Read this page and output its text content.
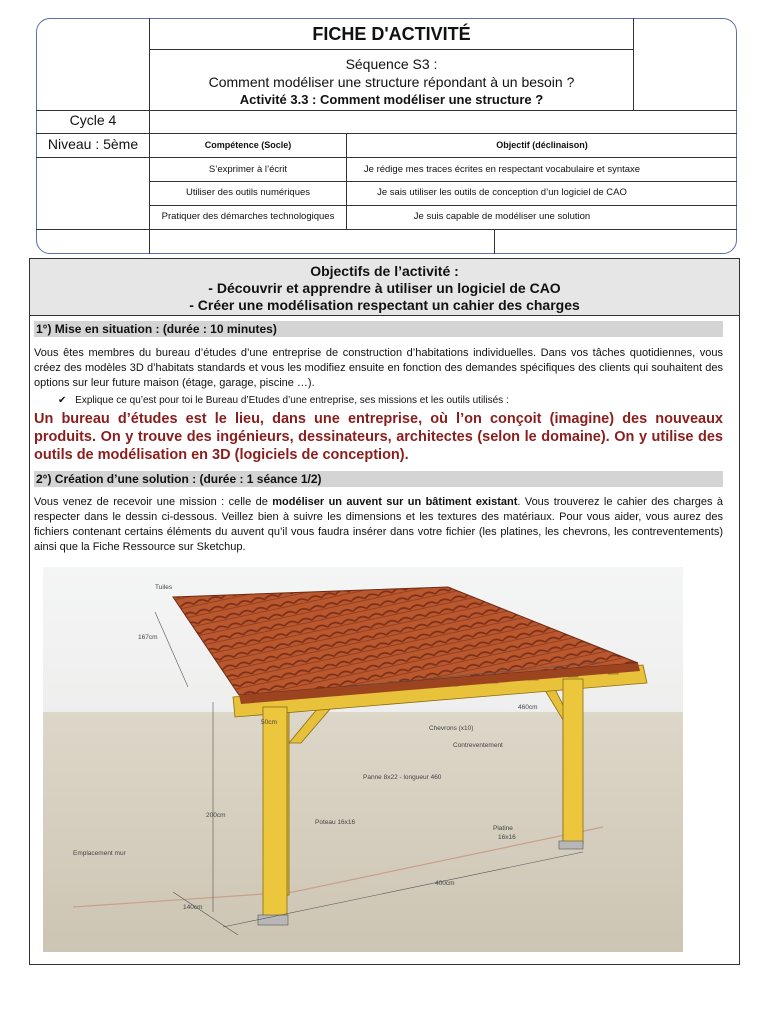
FICHE D'ACTIVITÉ
Séquence S3 :
Comment modéliser une structure répondant à un besoin ?
Activité 3.3 : Comment modéliser une structure ?
Cycle 4
Niveau : 5ème	Compétence (Socle)	Objectif (déclinaison)
S’exprimer à l’écrit	Je rédige mes traces écrites en respectant vocabulaire et syntaxe
Utiliser des outils numériques	Je sais utiliser les outils de conception d’un logiciel de CAO
Pratiquer des démarches technologiques	Je suis capable de modéliser une solution
Objectifs de l’activité :
- Découvrir et apprendre à utiliser un logiciel de CAO
- Créer une modélisation respectant un cahier des charges
1°) Mise en situation : (durée : 10 minutes)
Vous êtes membres du bureau d’études d’une entreprise de construction d’habitations individuelles. Dans vos tâches quotidiennes, vous créez des modèles 3D d’habitats standards et vous les modifiez ensuite en fonction des demandes spécifiques des clients qui souhaitent des options sur leur future maison (étage, garage, piscine …).
✔ Explique ce qu’est pour toi le Bureau d’Etudes d’une entreprise, ses missions et les outils utilisés :
Un bureau d’études est le lieu, dans une entreprise, où l’on conçoit (imagine) des nouveaux produits. On y trouve des ingénieurs, dessinateurs, architectes (selon le domaine). On y utilise des outils de modélisation en 3D (logiciels de conception).
2°) Création d’une solution : (durée : 1 séance 1/2)
Vous venez de recevoir une mission : celle de modéliser un auvent sur un bâtiment existant. Vous trouverez le cahier des charges à respecter dans le dessin ci-dessous. Veillez bien à suivre les dimensions et les textures des matériaux. Pour vous aider, vous aurez des fichiers contenant certains éléments du auvent qu’il vous faudra insérer dans votre fichier (les platines, les chevrons, les contreventements) ainsi que la Fiche Ressource sur Sketchup.
Tuiles
167cm
460cm
50cm
Chevrons (x10)
Contreventement
Panne 8x22 - longueur 460
Poteau 16x16
200cm
Platine
16x16
Emplacement mur
400cm
140cm
